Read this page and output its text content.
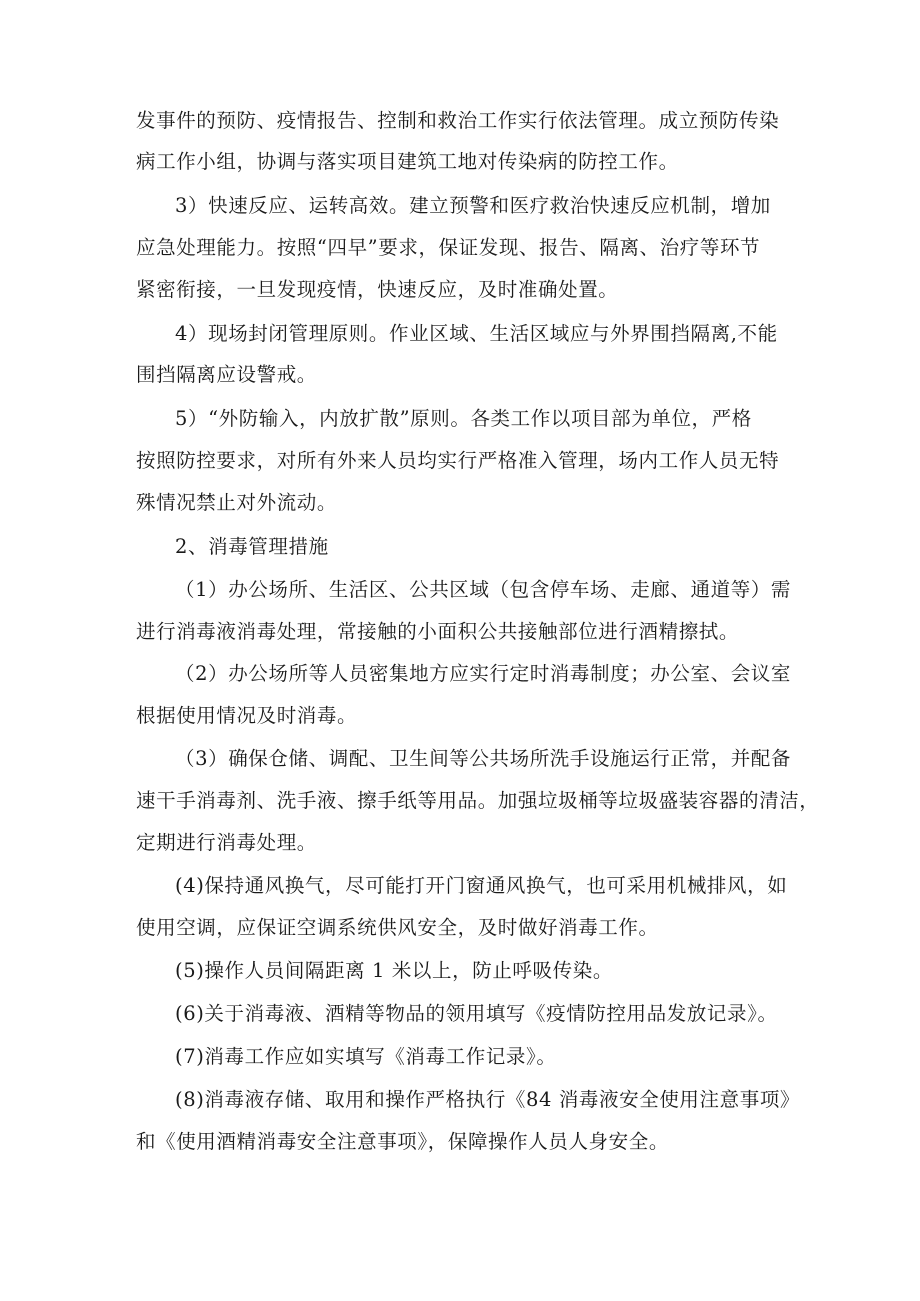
发事件的预防、疫情报告、控制和救治工作实行依法管理。成立预防传染
病工作小组，协调与落实项目建筑工地对传染病的防控工作。
3）快速反应、运转高效。建立预警和医疗救治快速反应机制，增加
应急处理能力。按照“四早”要求，保证发现、报告、隔离、治疗等环节
紧密衔接，一旦发现疫情，快速反应，及时准确处置。
4）现场封闭管理原则。作业区域、生活区域应与外界围挡隔离,不能
围挡隔离应设警戒。
5）“外防输入，内放扩散”原则。各类工作以项目部为单位，严格
按照防控要求，对所有外来人员均实行严格准入管理，场内工作人员无特
殊情况禁止对外流动。
2、消毒管理措施
（1）办公场所、生活区、公共区域（包含停车场、走廊、通道等）需
进行消毒液消毒处理，常接触的小面积公共接触部位进行酒精擦拭。
（2）办公场所等人员密集地方应实行定时消毒制度；办公室、会议室
根据使用情况及时消毒。
（3）确保仓储、调配、卫生间等公共场所洗手设施运行正常，并配备
速干手消毒剂、洗手液、擦手纸等用品。加强垃圾桶等垃圾盛装容器的清洁，
定期进行消毒处理。
(4)保持通风换气，尽可能打开门窗通风换气，也可采用机械排风，如
使用空调，应保证空调系统供风安全，及时做好消毒工作。
(5)操作人员间隔距离 1 米以上，防止呼吸传染。
(6)关于消毒液、酒精等物品的领用填写《疫情防控用品发放记录》。
(7)消毒工作应如实填写《消毒工作记录》。
(8)消毒液存储、取用和操作严格执行《84 消毒液安全使用注意事项》
和《使用酒精消毒安全注意事项》，保障操作人员人身安全。
